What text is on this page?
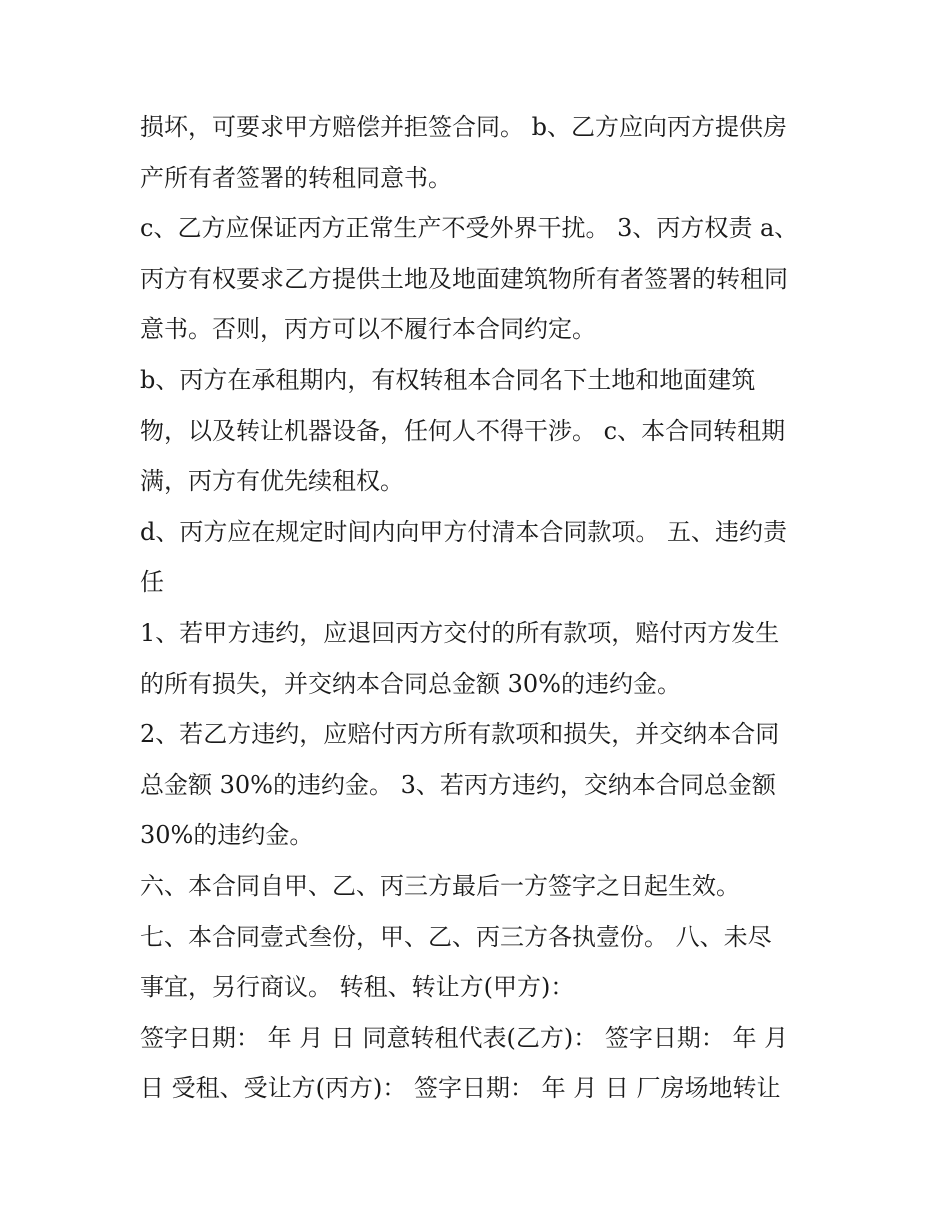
损坏，可要求甲方赔偿并拒签合同。 b、乙方应向丙方提供房
产所有者签署的转租同意书。
c、乙方应保证丙方正常生产不受外界干扰。 3、丙方权责 a、
丙方有权要求乙方提供土地及地面建筑物所有者签署的转租同
意书。否则，丙方可以不履行本合同约定。
b、丙方在承租期内，有权转租本合同名下土地和地面建筑
物，以及转让机器设备，任何人不得干涉。 c、本合同转租期
满，丙方有优先续租权。
d、丙方应在规定时间内向甲方付清本合同款项。 五、违约责
任
1、若甲方违约，应退回丙方交付的所有款项，赔付丙方发生
的所有损失，并交纳本合同总金额 30%的违约金。
2、若乙方违约，应赔付丙方所有款项和损失，并交纳本合同
总金额 30%的违约金。 3、若丙方违约，交纳本合同总金额
30%的违约金。
六、本合同自甲、乙、丙三方最后一方签字之日起生效。
七、本合同壹式叁份，甲、乙、丙三方各执壹份。 八、未尽
事宜，另行商议。 转租、转让方(甲方)：
签字日期： 年 月 日 同意转租代表(乙方)： 签字日期： 年 月
日 受租、受让方(丙方)： 签字日期： 年 月 日 厂房场地转让
